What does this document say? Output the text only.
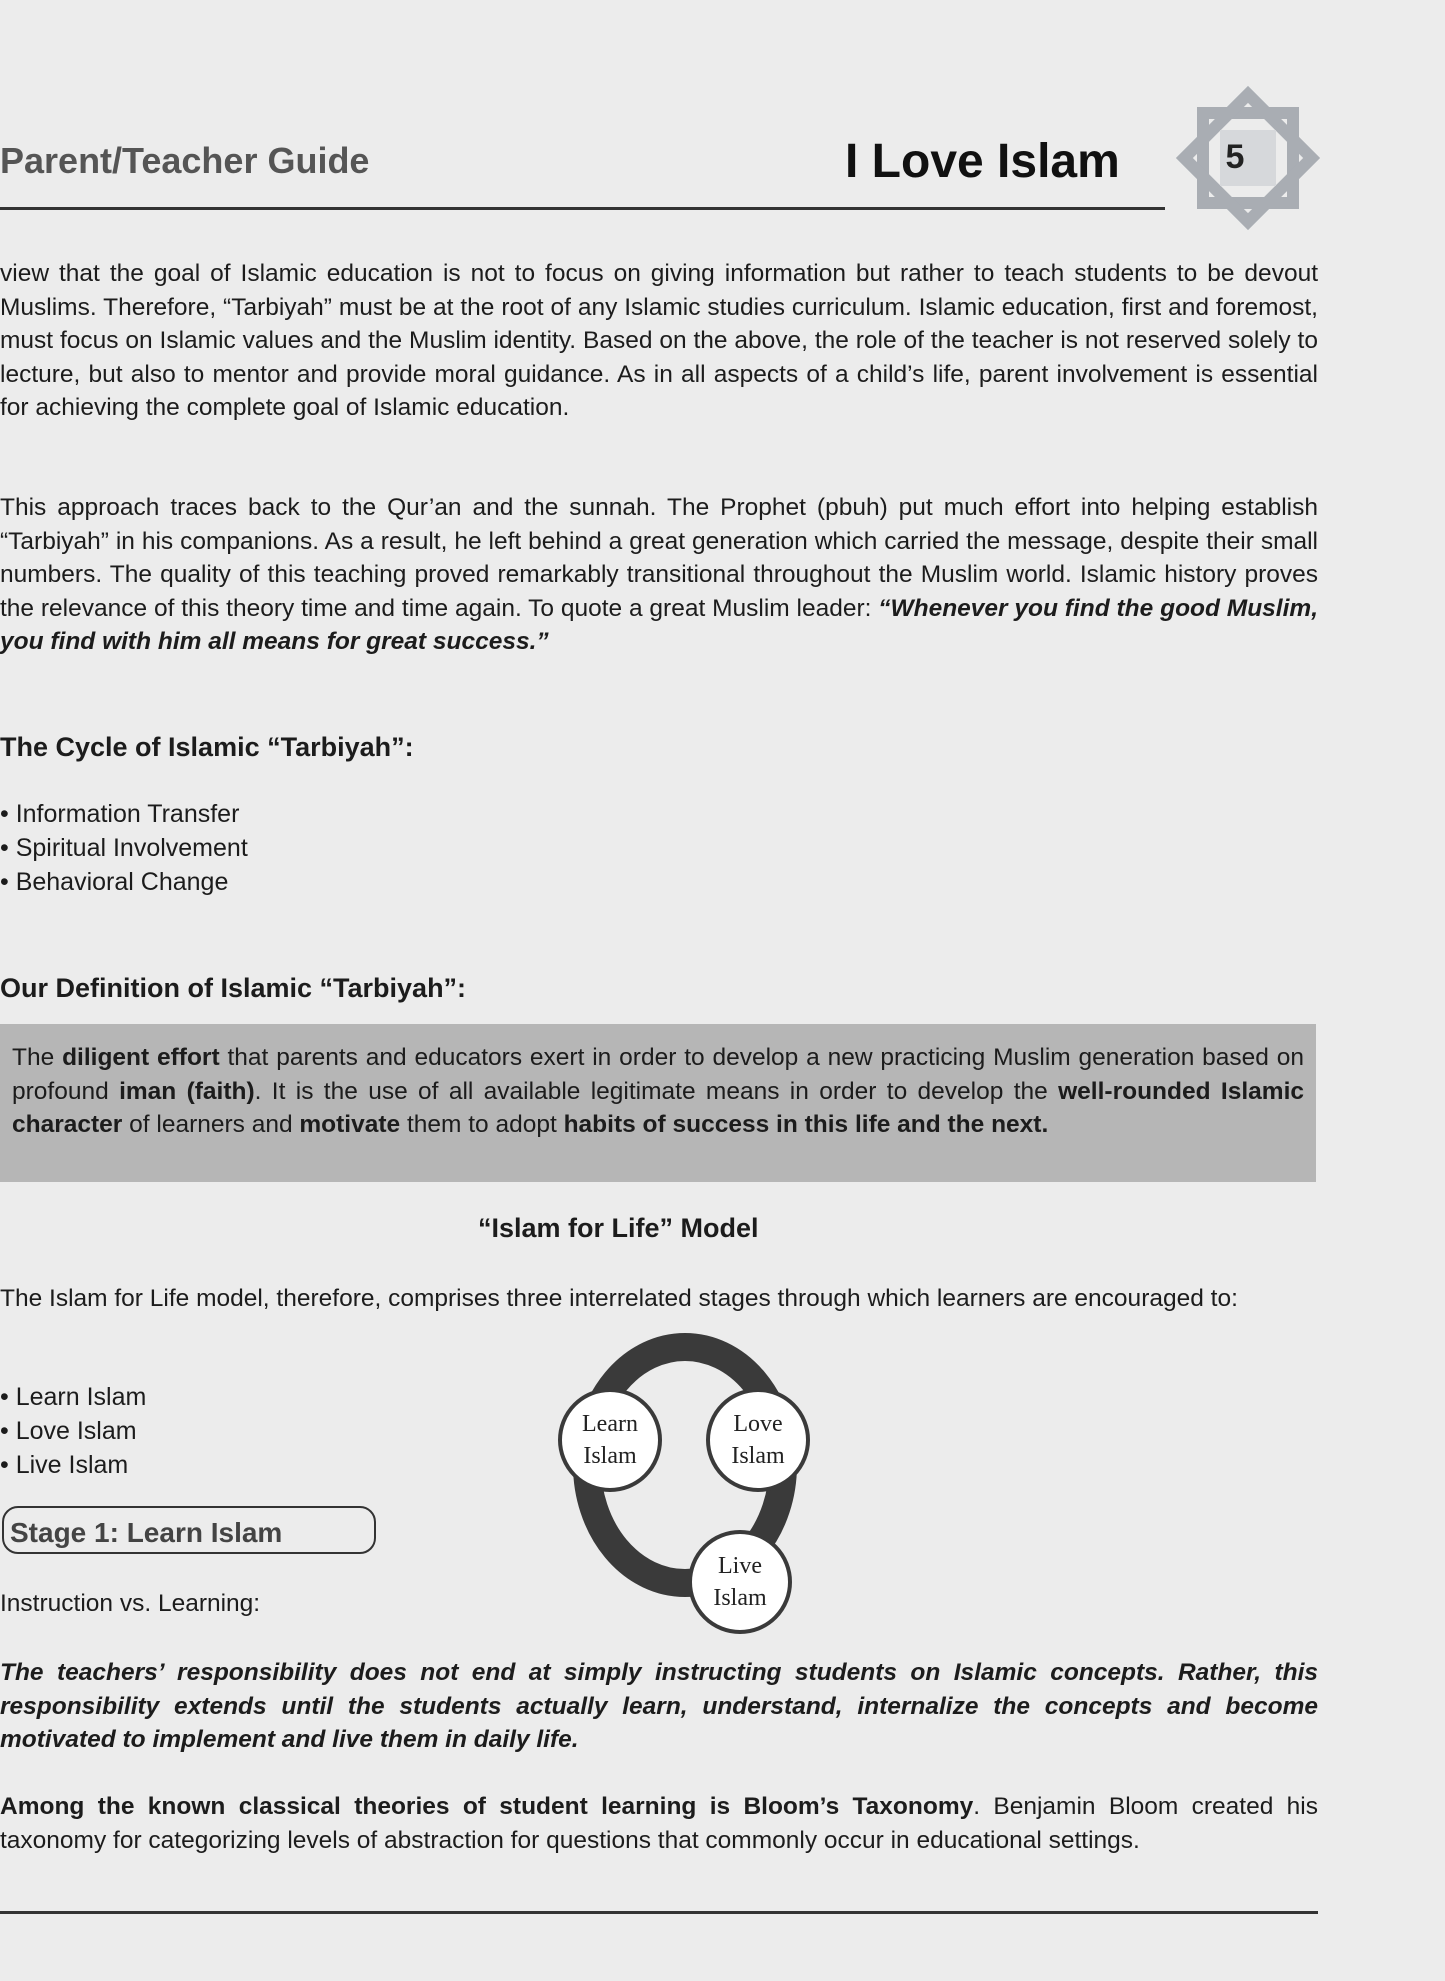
Parent/Teacher Guide	I Love Islam	5
view that the goal of Islamic education is not to focus on giving information but rather to teach students to be devout Muslims. Therefore, “Tarbiyah” must be at the root of any Islamic studies curriculum. Islamic education, first and foremost, must focus on Islamic values and the Muslim identity. Based on the above, the role of the teacher is not reserved solely to lecture, but also to mentor and provide moral guidance. As in all aspects of a child’s life, parent involvement is essential for achieving the complete goal of Islamic education.
This approach traces back to the Qur’an and the sunnah. The Prophet (pbuh) put much effort into helping establish “Tarbiyah” in his companions. As a result, he left behind a great generation which carried the message, despite their small numbers. The quality of this teaching proved remarkably transitional throughout the Muslim world. Islamic history proves the relevance of this theory time and time again. To quote a great Muslim leader: “Whenever you find the good Muslim, you find with him all means for great success.”
The Cycle of Islamic “Tarbiyah”:
• Information Transfer
• Spiritual Involvement
• Behavioral Change
Our Definition of Islamic “Tarbiyah”:
The diligent effort that parents and educators exert in order to develop a new practicing Muslim generation based on profound iman (faith). It is the use of all available legitimate means in order to develop the well-rounded Islamic character of learners and motivate them to adopt habits of success in this life and the next.
“Islam for Life” Model
The Islam for Life model, therefore, comprises three interrelated stages through which learners are encouraged to:
• Learn Islam
• Love Islam
• Live Islam
Learn
Islam
Love
Islam
Live
Islam
Stage 1: Learn Islam
Instruction vs. Learning:
The teachers’ responsibility does not end at simply instructing students on Islamic concepts. Rather, this responsibility extends until the students actually learn, understand, internalize the concepts and become motivated to implement and live them in daily life.
Among the known classical theories of student learning is Bloom’s Taxonomy. Benjamin Bloom created his taxonomy for categorizing levels of abstraction for questions that commonly occur in educational settings.
